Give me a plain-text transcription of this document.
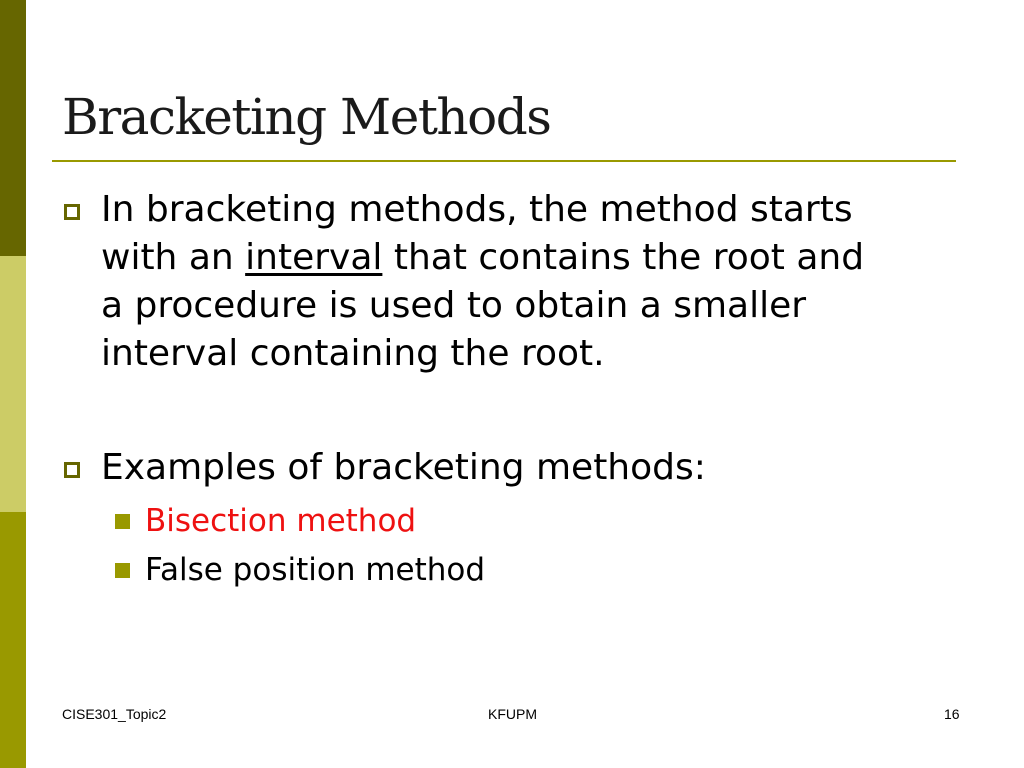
Bracketing Methods
In bracketing methods, the method starts
with an interval that contains the root and
a procedure is used to obtain a smaller
interval containing the root.
Examples of bracketing methods:
Bisection method
False position method
CISE301_Topic2	KFUPM	16
